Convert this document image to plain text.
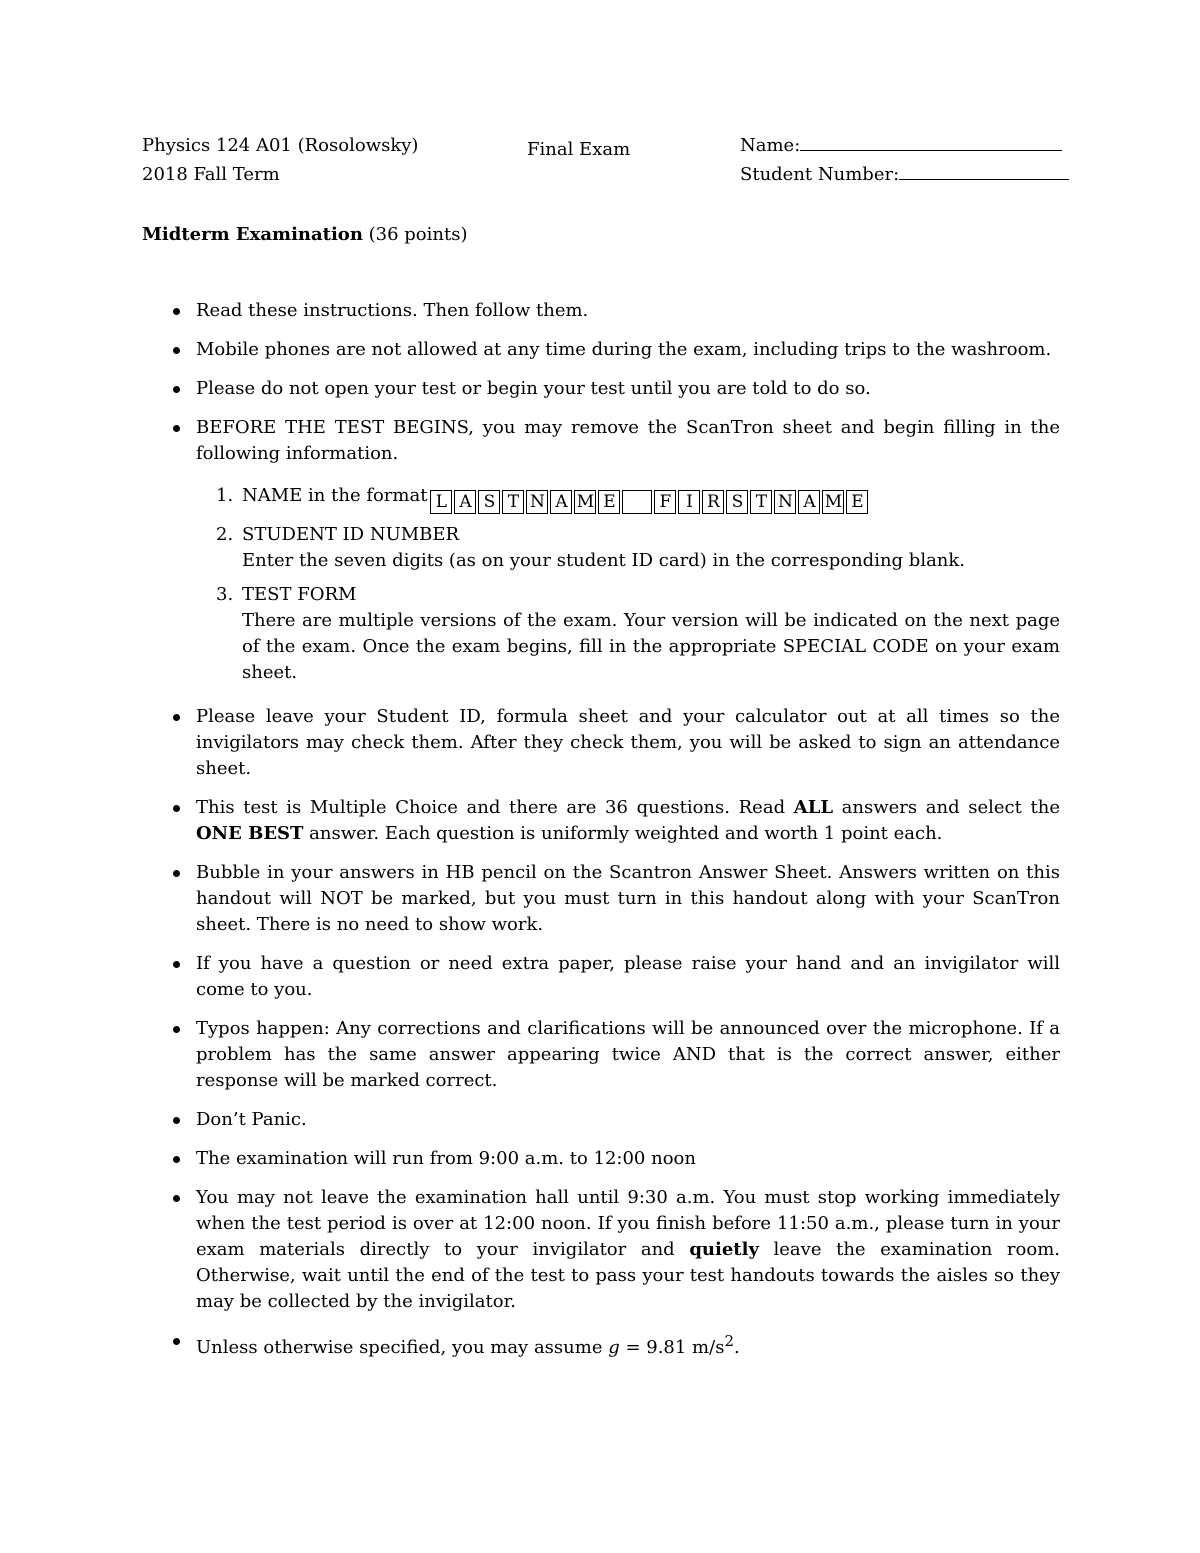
Physics 124 A01 (Rosolowsky)
2018 Fall Term
Final Exam	Name:
Student Number:
Midterm Examination (36 points)
Read these instructions. Then follow them.
Mobile phones are not allowed at any time during the exam, including trips to the washroom.
Please do not open your test or begin your test until you are told to do so.
BEFORE THE TEST BEGINS, you may remove the ScanTron sheet and begin filling in the following information.
1. NAME in the format L A S T N A M E	F I R S T N A M E
2. STUDENT ID NUMBER
Enter the seven digits (as on your student ID card) in the corresponding blank.
3. TEST FORM
There are multiple versions of the exam. Your version will be indicated on the next page of the exam. Once the exam begins, fill in the appropriate SPECIAL CODE on your exam sheet.
Please leave your Student ID, formula sheet and your calculator out at all times so the invigilators may check them. After they check them, you will be asked to sign an attendance sheet.
This test is Multiple Choice and there are 36 questions. Read ALL answers and select the ONE BEST answer. Each question is uniformly weighted and worth 1 point each.
Bubble in your answers in HB pencil on the Scantron Answer Sheet. Answers written on this handout will NOT be marked, but you must turn in this handout along with your ScanTron sheet. There is no need to show work.
If you have a question or need extra paper, please raise your hand and an invigilator will come to you.
Typos happen: Any corrections and clarifications will be announced over the microphone. If a problem has the same answer appearing twice AND that is the correct answer, either response will be marked correct.
Don’t Panic.
The examination will run from 9:00 a.m. to 12:00 noon
You may not leave the examination hall until 9:30 a.m. You must stop working immediately when the test period is over at 12:00 noon. If you finish before 11:50 a.m., please turn in your exam materials directly to your invigilator and quietly leave the examination room. Otherwise, wait until the end of the test to pass your test handouts towards the aisles so they may be collected by the invigilator.
Unless otherwise specified, you may assume g = 9.81 $m/s^2$.
